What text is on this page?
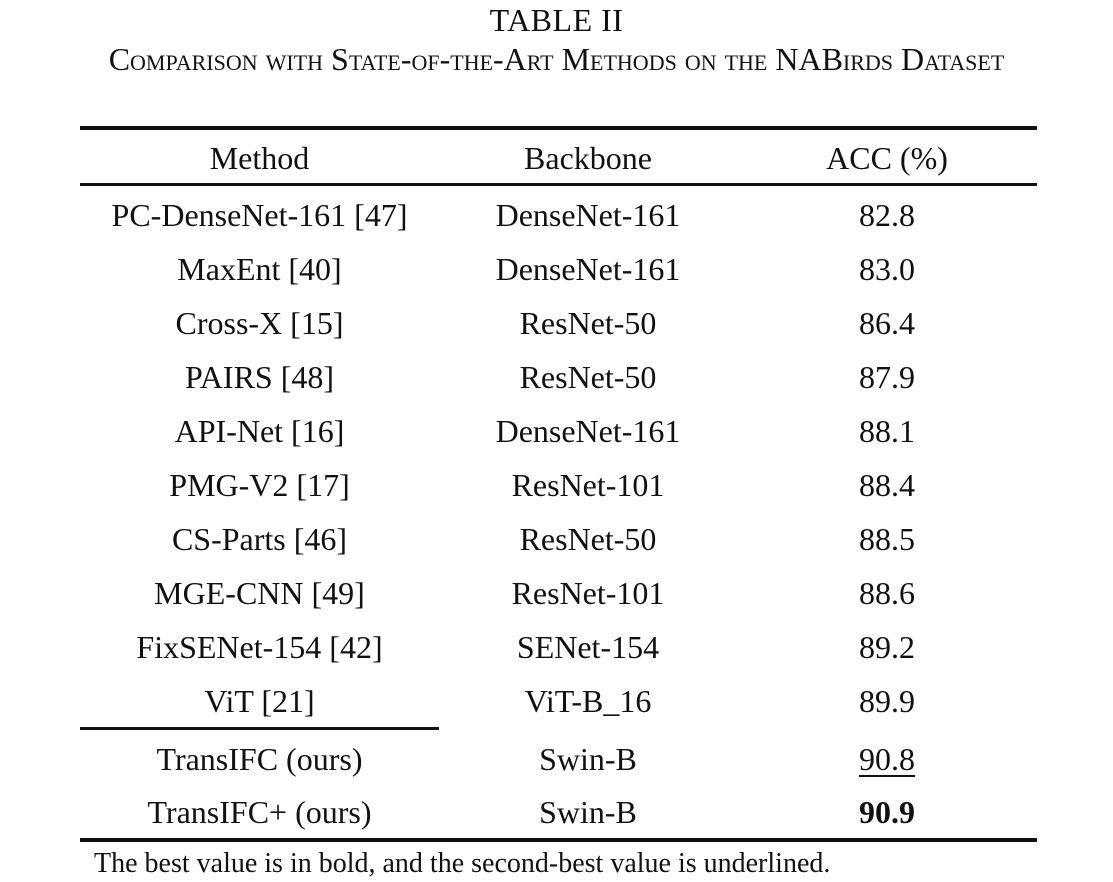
TABLE II
Comparison with State-of-the-Art Methods on the NABirds Dataset
Method	Backbone	ACC (%)
PC-DenseNet-161 [47]	DenseNet-161	82.8
MaxEnt [40]	DenseNet-161	83.0
Cross-X [15]	ResNet-50	86.4
PAIRS [48]	ResNet-50	87.9
API-Net [16]	DenseNet-161	88.1
PMG-V2 [17]	ResNet-101	88.4
CS-Parts [46]	ResNet-50	88.5
MGE-CNN [49]	ResNet-101	88.6
FixSENet-154 [42]	SENet-154	89.2
ViT [21]	ViT-B_16	89.9
TransIFC (ours)	Swin-B	90.8
TransIFC+ (ours)	Swin-B	90.9
The best value is in bold, and the second-best value is underlined.
